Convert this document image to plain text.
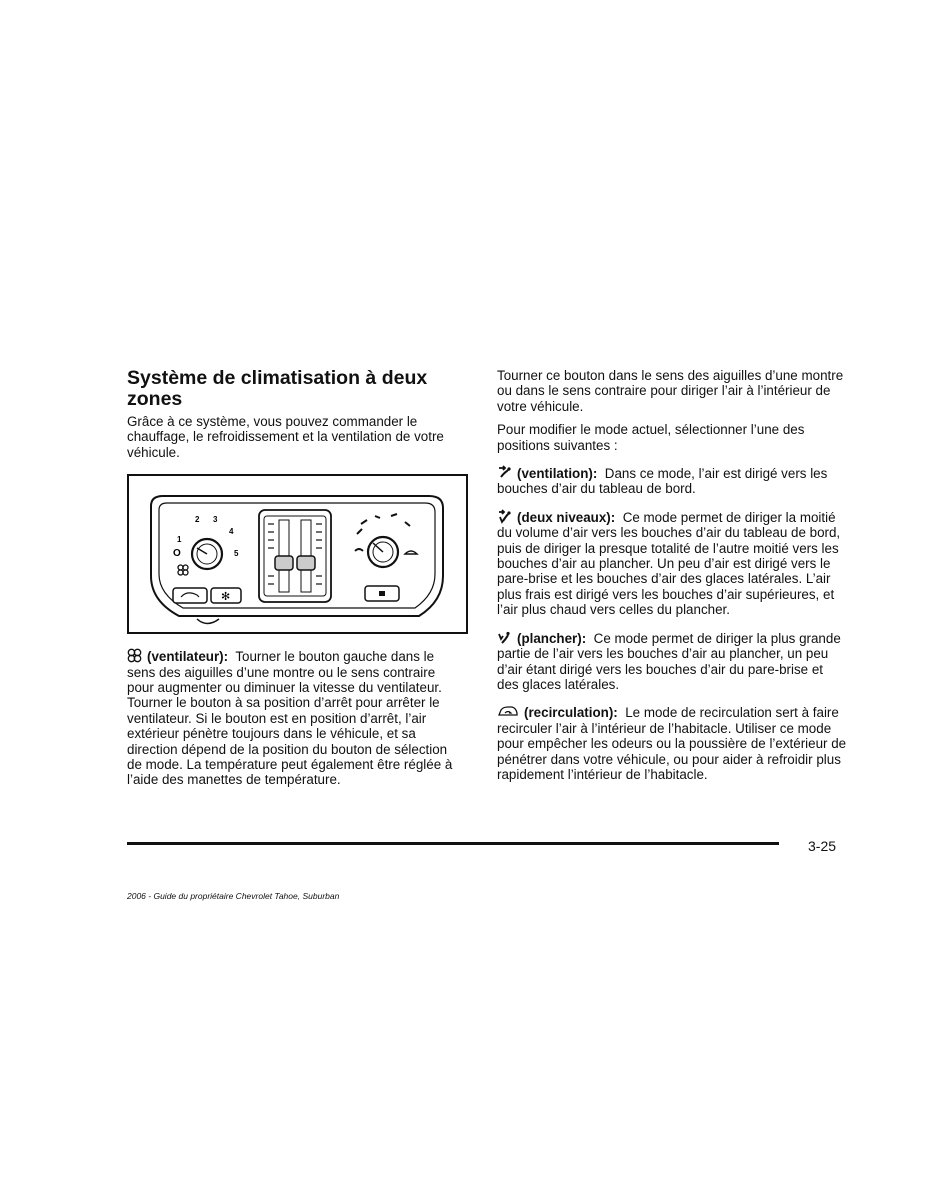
Système de climatisation à deux zones

Grâce à ce système, vous pouvez commander le chauffage, le refroidissement et la ventilation de votre véhicule.

1
2 3
4
5
O
✻

(ventilateur): Tourner le bouton gauche dans le sens des aiguilles d’une montre ou le sens contraire pour augmenter ou diminuer la vitesse du ventilateur. Tourner le bouton à sa position d’arrêt pour arrêter le ventilateur. Si le bouton est en position d’arrêt, l’air extérieur pénètre toujours dans le véhicule, et sa direction dépend de la position du bouton de sélection de mode. La température peut également être réglée à l’aide des manettes de température.

Tourner ce bouton dans le sens des aiguilles d’une montre ou dans le sens contraire pour diriger l’air à l’intérieur de votre véhicule.

Pour modifier le mode actuel, sélectionner l’une des positions suivantes :

(ventilation): Dans ce mode, l’air est dirigé vers les bouches d’air du tableau de bord.

(deux niveaux): Ce mode permet de diriger la moitié du volume d’air vers les bouches d’air du tableau de bord, puis de diriger la presque totalité de l’autre moitié vers les bouches d’air au plancher. Un peu d’air est dirigé vers le pare-brise et les bouches d’air des glaces latérales. L’air plus frais est dirigé vers les bouches d’air supérieures, et l’air plus chaud vers celles du plancher.

(plancher): Ce mode permet de diriger la plus grande partie de l’air vers les bouches d’air au plancher, un peu d’air étant dirigé vers les bouches d’air du pare-brise et des glaces latérales.

(recirculation): Le mode de recirculation sert à faire recirculer l’air à l’intérieur de l’habitacle. Utiliser ce mode pour empêcher les odeurs ou la poussière de l’extérieur de pénétrer dans votre véhicule, ou pour aider à refroidir plus rapidement l’intérieur de l’habitacle.

3-25
2006 - Guide du propriétaire Chevrolet Tahoe, Suburban
